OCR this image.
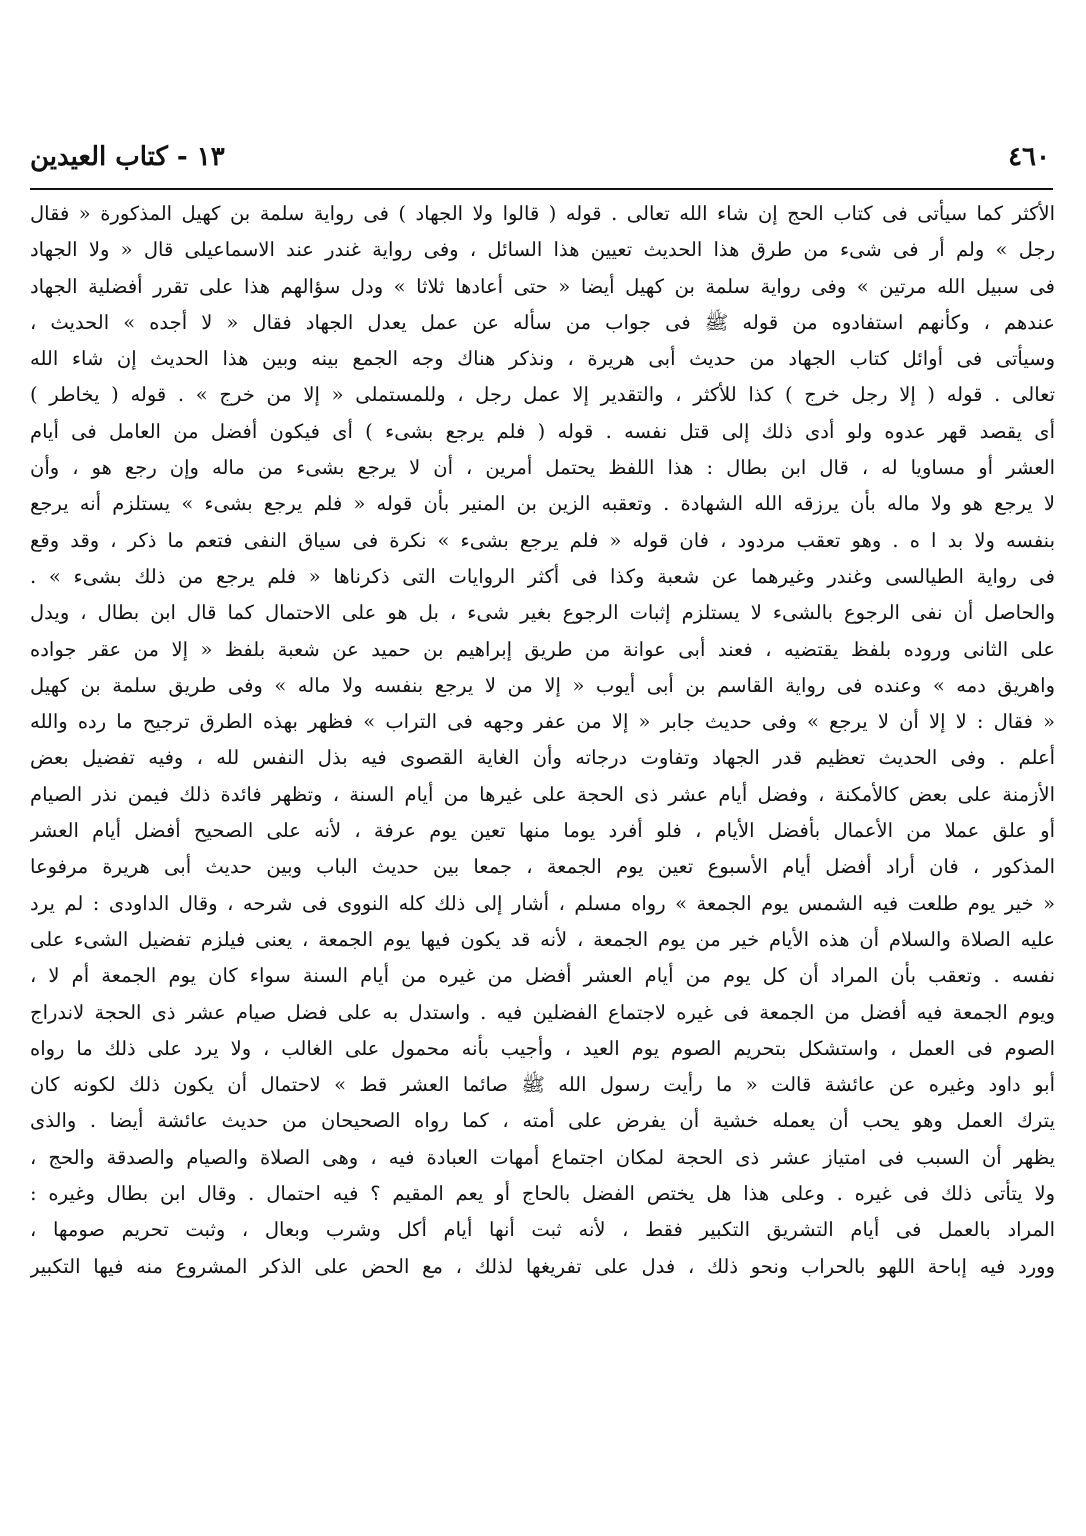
٤٦٠
١٣ - كتاب العيدين
الأكثر كما سيأتى فى كتاب الحج إن شاء الله تعالى . قوله ( قالوا ولا الجهاد ) فى رواية سلمة بن كهيل المذكورة « فقال
رجل » ولم أر فى شىء من طرق هذا الحديث تعيين هذا السائل ، وفى رواية غندر عند الاسماعيلى قال « ولا الجهاد
فى سبيل الله مرتين » وفى رواية سلمة بن كهيل أيضا « حتى أعادها ثلاثا » ودل سؤالهم هذا على تقرر أفضلية الجهاد
عندهم ، وكأنهم استفادوه من قوله ﷺ فى جواب من سأله عن عمل يعدل الجهاد فقال « لا أجده » الحديث ،
وسيأتى فى أوائل كتاب الجهاد من حديث أبى هريرة ، ونذكر هناك وجه الجمع بينه وبين هذا الحديث إن شاء الله
تعالى . قوله ( إلا رجل خرج ) كذا للأكثر ، والتقدير إلا عمل رجل ، وللمستملى « إلا من خرج » . قوله ( يخاطر )
أى يقصد قهر عدوه ولو أدى ذلك إلى قتل نفسه . قوله ( فلم يرجع بشىء ) أى فيكون أفضل من العامل فى أيام
العشر أو مساويا له ، قال ابن بطال : هذا اللفظ يحتمل أمرين ، أن لا يرجع بشىء من ماله وإن رجع هو ، وأن
لا يرجع هو ولا ماله بأن يرزقه الله الشهادة . وتعقبه الزين بن المنير بأن قوله « فلم يرجع بشىء » يستلزم أنه يرجع
بنفسه ولا بد ا ه . وهو تعقب مردود ، فان قوله « فلم يرجع بشىء » نكرة فى سياق النفى فتعم ما ذكر ، وقد وقع
فى رواية الطيالسى وغندر وغيرهما عن شعبة وكذا فى أكثر الروايات التى ذكرناها « فلم يرجع من ذلك بشىء » .
والحاصل أن نفى الرجوع بالشىء لا يستلزم إثبات الرجوع بغير شىء ، بل هو على الاحتمال كما قال ابن بطال ، ويدل
على الثانى وروده بلفظ يقتضيه ، فعند أبى عوانة من طريق إبراهيم بن حميد عن شعبة بلفظ « إلا من عقر جواده
واهريق دمه » وعنده فى رواية القاسم بن أبى أيوب « إلا من لا يرجع بنفسه ولا ماله » وفى طريق سلمة بن كهيل
« فقال : لا إلا أن لا يرجع » وفى حديث جابر « إلا من عفر وجهه فى التراب » فظهر بهذه الطرق ترجيح ما رده والله
أعلم . وفى الحديث تعظيم قدر الجهاد وتفاوت درجاته وأن الغاية القصوى فيه بذل النفس لله ، وفيه تفضيل بعض
الأزمنة على بعض كالأمكنة ، وفضل أيام عشر ذى الحجة على غيرها من أيام السنة ، وتظهر فائدة ذلك فيمن نذر الصيام
أو علق عملا من الأعمال بأفضل الأيام ، فلو أفرد يوما منها تعين يوم عرفة ، لأنه على الصحيح أفضل أيام العشر
المذكور ، فان أراد أفضل أيام الأسبوع تعين يوم الجمعة ، جمعا بين حديث الباب وبين حديث أبى هريرة مرفوعا
« خير يوم طلعت فيه الشمس يوم الجمعة » رواه مسلم ، أشار إلى ذلك كله النووى فى شرحه ، وقال الداودى : لم يرد
عليه الصلاة والسلام أن هذه الأيام خير من يوم الجمعة ، لأنه قد يكون فيها يوم الجمعة ، يعنى فيلزم تفضيل الشىء على
نفسه . وتعقب بأن المراد أن كل يوم من أيام العشر أفضل من غيره من أيام السنة سواء كان يوم الجمعة أم لا ،
ويوم الجمعة فيه أفضل من الجمعة فى غيره لاجتماع الفضلين فيه . واستدل به على فضل صيام عشر ذى الحجة لاندراج
الصوم فى العمل ، واستشكل بتحريم الصوم يوم العيد ، وأجيب بأنه محمول على الغالب ، ولا يرد على ذلك ما رواه
أبو داود وغيره عن عائشة قالت « ما رأيت رسول الله ﷺ صائما العشر قط » لاحتمال أن يكون ذلك لكونه كان
يترك العمل وهو يحب أن يعمله خشية أن يفرض على أمته ، كما رواه الصحيحان من حديث عائشة أيضا . والذى
يظهر أن السبب فى امتياز عشر ذى الحجة لمكان اجتماع أمهات العبادة فيه ، وهى الصلاة والصيام والصدقة والحج ،
ولا يتأتى ذلك فى غيره . وعلى هذا هل يختص الفضل بالحاج أو يعم المقيم ؟ فيه احتمال . وقال ابن بطال وغيره :
المراد بالعمل فى أيام التشريق التكبير فقط ، لأنه ثبت أنها أيام أكل وشرب وبعال ، وثبت تحريم صومها ،
وورد فيه إباحة اللهو بالحراب ونحو ذلك ، فدل على تفريغها لذلك ، مع الحض على الذكر المشروع منه فيها التكبير
